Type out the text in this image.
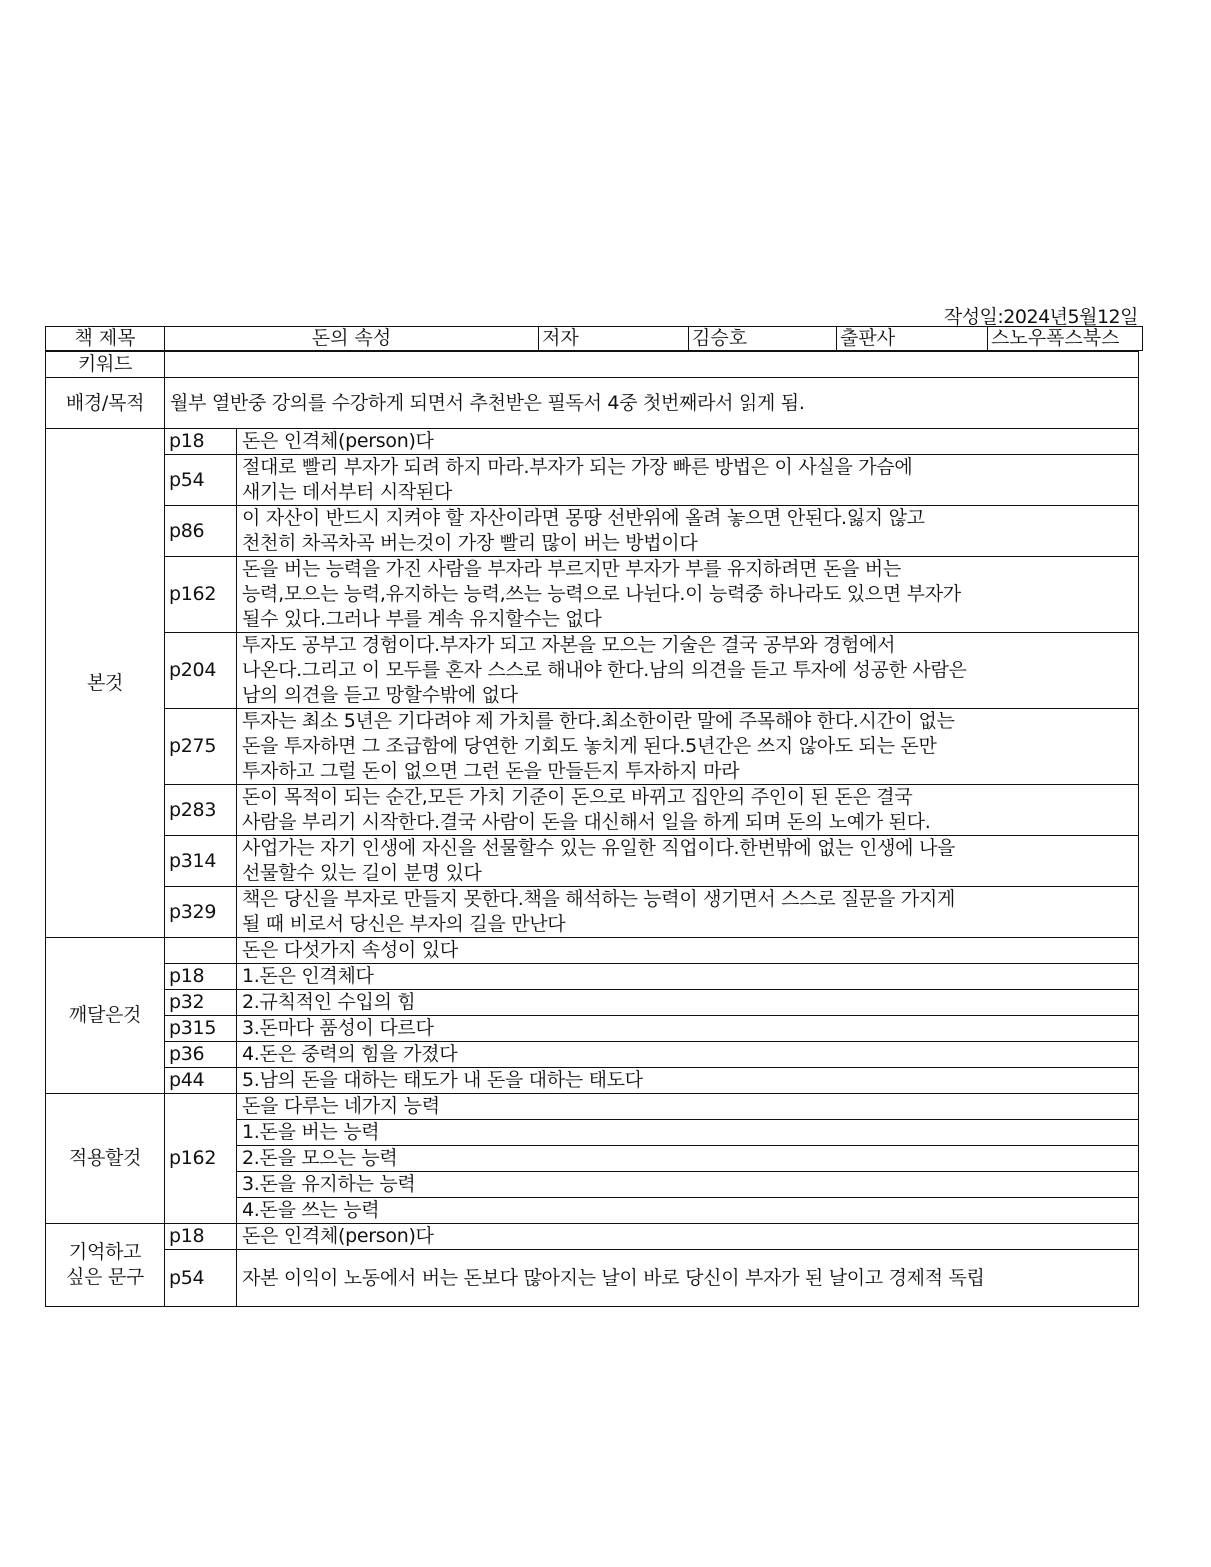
작성일:2024년5월12일
책 제목	돈의 속성	저자	김승호	출판사	스노우폭스북스
키워드		
배경/목적	월부 열반중 강의를 수강하게 되면서 추천받은 필독서 4중 첫번째라서 읽게 됨.	
본것	p18	돈은 인격체(person)다

	p54	절대로 빨리 부자가 되려 하지 마라.부자가 되는 가장 빠른 방법은 이 사실을 가슴에
새기는 데서부터 시작된다

	p86	이 자산이 반드시 지켜야 할 자산이라면 몽땅 선반위에 올려 놓으면 안된다.잃지 않고
천천히 차곡차곡 버는것이 가장 빨리 많이 버는 방법이다

	p162	돈을 버는 능력을 가진 사람을 부자라 부르지만 부자가 부를 유지하려면 돈을 버는
능력,모으는 능력,유지하는 능력,쓰는 능력으로 나뉜다.이 능력중 하나라도 있으면 부자가
될수 있다.그러나 부를 계속 유지할수는 없다

	p204	투자도 공부고 경험이다.부자가 되고 자본을 모으는 기술은 결국 공부와 경험에서
나온다.그리고 이 모두를 혼자 스스로 해내야 한다.남의 의견을 듣고 투자에 성공한 사람은
남의 의견을 듣고 망할수밖에 없다

	p275	투자는 최소 5년은 기다려야 제 가치를 한다.최소한이란 말에 주목해야 한다.시간이 없는
돈을 투자하면 그 조급함에 당연한 기회도 놓치게 된다.5년간은 쓰지 않아도 되는 돈만
투자하고 그럴 돈이 없으면 그런 돈을 만들든지 투자하지 마라

	p283	돈이 목적이 되는 순간,모든 가치 기준이 돈으로 바뀌고 집안의 주인이 된 돈은 결국
사람을 부리기 시작한다.결국 사람이 돈을 대신해서 일을 하게 되며 돈의 노예가 된다.

	p314	사업가는 자기 인생에 자신을 선물할수 있는 유일한 직업이다.한번밖에 없는 인생에 나을
선물할수 있는 길이 분명 있다

	p329	책은 당신을 부자로 만들지 못한다.책을 해석하는 능력이 생기면서 스스로 질문을 가지게
될 때 비로서 당신은 부자의 길을 만난다

깨달은것		돈은 다섯가지 속성이 있다
	p18	1.돈은 인격체다
	p32	2.규칙적인 수입의 힘
	p315	3.돈마다 품성이 다르다
	p36	4.돈은 중력의 힘을 가졌다
	p44	5.남의 돈을 대하는 태도가 내 돈을 대하는 태도다
적용할것	p162	돈을 다루는 네가지 능력
		1.돈을 버는 능력
		2.돈을 모으는 능력
		3.돈을 유지하는 능력
		4.돈을 쓰는 능력

기억하고
싶은 문구	p18	돈은 인격체(person)다
	p54	자본 이익이 노동에서 버는 돈보다 많아지는 날이 바로 당신이 부자가 된 날이고 경제적 독립
